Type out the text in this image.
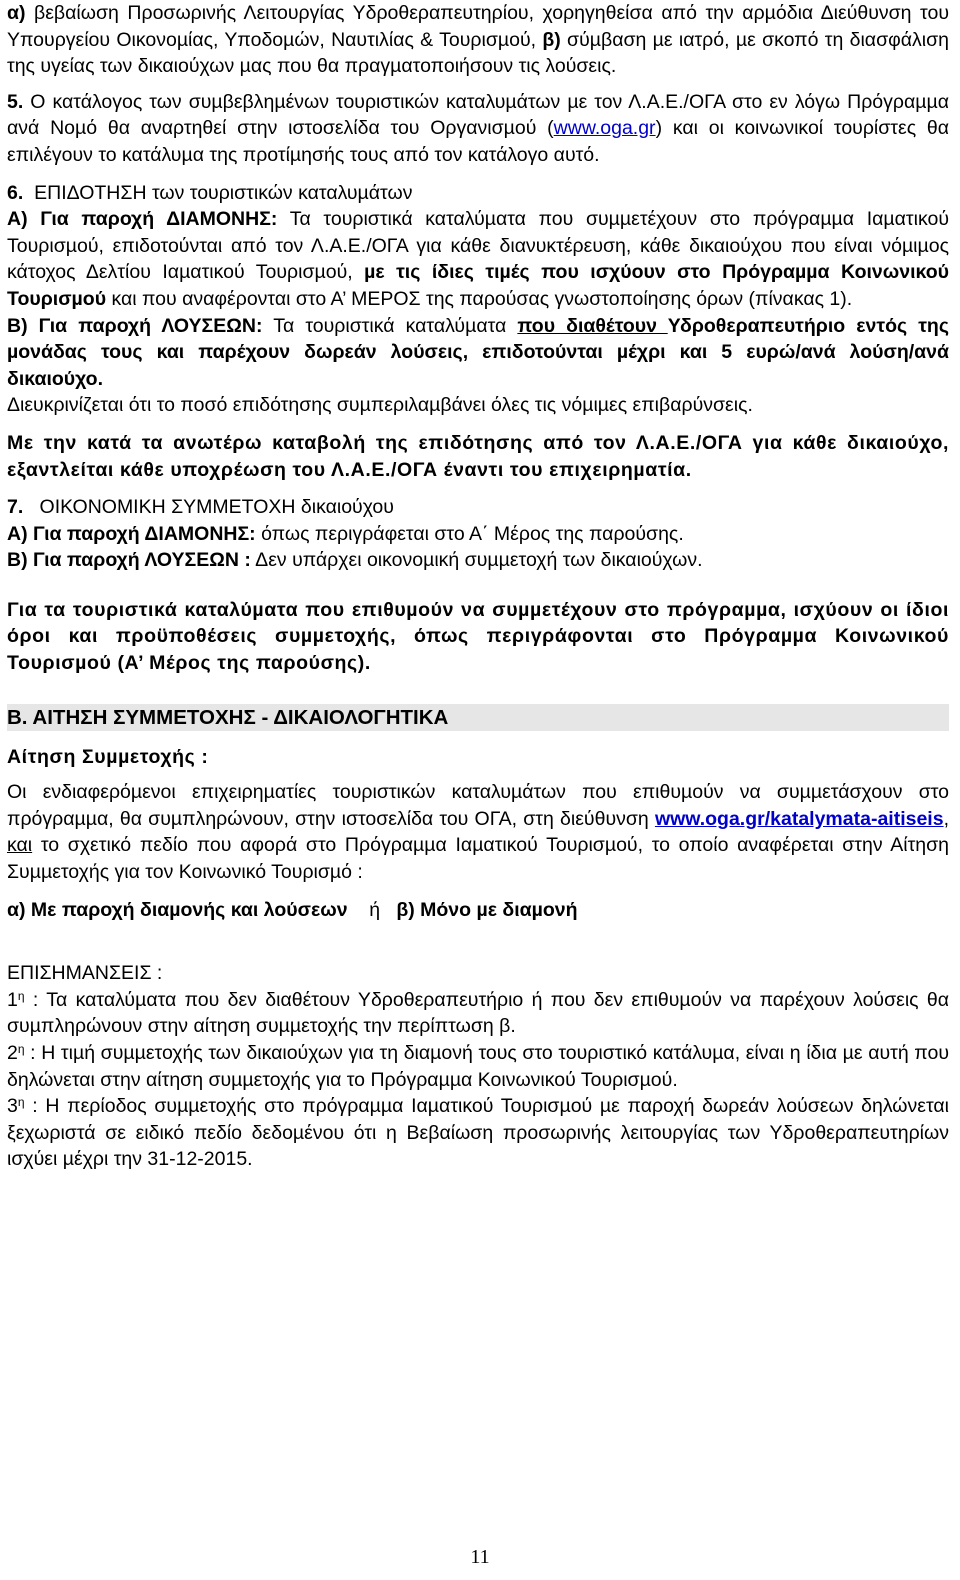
α) βεβαίωση Προσωρινής Λειτουργίας Υδροθεραπευτηρίου, χορηγηθείσα από την αρµόδια Διεύθυνση του Υπουργείου Οικονοµίας, Υποδοµών, Ναυτιλίας & Τουρισµού, β) σύµβαση µε ιατρό, µε σκοπό τη διασφάλιση της υγείας των δικαιούχων µας που θα πραγµατοποιήσουν τις λούσεις.

5. Ο κατάλογος των συµβεβληµένων τουριστικών καταλυµάτων µε τον Λ.Α.Ε./ΟΓΑ στο εν λόγω Πρόγραµµα ανά Νοµό θα αναρτηθεί στην ιστοσελίδα του Οργανισµού (www.oga.gr) και οι κοινωνικοί τουρίστες θα επιλέγουν το κατάλυµα της προτίµησής τους από τον κατάλογο αυτό.

6. ΕΠΙΔΟΤΗΣΗ των τουριστικών καταλυµάτων

Α) Για παροχή ΔΙΑΜΟΝΗΣ: Τα τουριστικά καταλύµατα που συµµετέχουν στο πρόγραµµα Ιαµατικού Τουρισµού, επιδοτούνται από τον Λ.Α.Ε./ΟΓΑ για κάθε διανυκτέρευση, κάθε δικαιούχου που είναι νόµιµος κάτοχος Δελτίου Ιαµατικού Τουρισµού, µε τις ίδιες τιµές που ισχύουν στο Πρόγραµµα Κοινωνικού Τουρισµού και που αναφέρονται στο Α’ ΜΕΡΟΣ της παρούσας γνωστοποίησης όρων (πίνακας 1).

Β) Για παροχή ΛΟΥΣΕΩΝ: Τα τουριστικά καταλύµατα που διαθέτουν Υδροθεραπευτήριο εντός της µονάδας τους και παρέχουν δωρεάν λούσεις, επιδοτούνται µέχρι και 5 ευρώ/ανά λούση/ανά δικαιούχο.

Διευκρινίζεται ότι το ποσό επιδότησης συµπεριλαµβάνει όλες τις νόµιµες επιβαρύνσεις.

Με την κατά τα ανωτέρω καταβολή της επιδότησης από τον Λ.Α.Ε./ΟΓΑ για κάθε δικαιούχο, εξαντλείται κάθε υποχρέωση του Λ.Α.Ε./ΟΓΑ έναντι του επιχειρηµατία.

7. ΟΙΚΟΝΟΜΙΚΗ ΣΥΜΜΕΤΟΧΗ δικαιούχου

Α) Για παροχή ΔΙΑΜΟΝΗΣ: όπως περιγράφεται στο Α΄ Μέρος της παρούσης.

Β) Για παροχή ΛΟΥΣΕΩΝ : Δεν υπάρχει οικονοµική συµµετοχή των δικαιούχων.

Για τα τουριστικά καταλύµατα που επιθυµούν να συµµετέχουν στο πρόγραµµα, ισχύουν οι ίδιοι όροι και προϋποθέσεις συµµετοχής, όπως περιγράφονται στο Πρόγραµµα Κοινωνικού Τουρισµού (Α’ Μέρος της παρούσης).

Β. ΑΙΤΗΣΗ ΣΥΜΜΕΤΟΧΗΣ - ΔΙΚΑΙΟΛΟΓΗΤΙΚΑ

Αίτηση Συµµετοχής :

Οι ενδιαφερόµενοι επιχειρηµατίες τουριστικών καταλυµάτων που επιθυµούν να συµµετάσχουν στο πρόγραµµα, θα συµπληρώνουν, στην ιστοσελίδα του ΟΓΑ, στη διεύθυνση www.oga.gr/katalymata-aitiseis, και το σχετικό πεδίο που αφορά στο Πρόγραµµα Ιαµατικού Τουρισµού, το οποίο αναφέρεται στην Αίτηση Συµµετοχής για τον Κοινωνικό Τουρισµό :

α) Με παροχή διαµονής και λούσεων ή β) Μόνο µε διαµονή

ΕΠΙΣΗΜΑΝΣΕΙΣ :

$1^\eta$ : Τα καταλύµατα που δεν διαθέτουν Υδροθεραπευτήριο ή που δεν επιθυµούν να παρέχουν λούσεις θα συµπληρώνουν στην αίτηση συµµετοχής την περίπτωση β.

$2^\eta$ : Η τιµή συµµετοχής των δικαιούχων για τη διαµονή τους στο τουριστικό κατάλυµα, είναι η ίδια µε αυτή που δηλώνεται στην αίτηση συµµετοχής για το Πρόγραµµα Κοινωνικού Τουρισµού.

$3^\eta$ : Η περίοδος συµµετοχής στο πρόγραµµα Ιαµατικού Τουρισµού µε παροχή δωρεάν λούσεων δηλώνεται ξεχωριστά σε ειδικό πεδίο δεδοµένου ότι η Βεβαίωση προσωρινής λειτουργίας των Υδροθεραπευτηρίων ισχύει µέχρι την 31-12-2015.

11
